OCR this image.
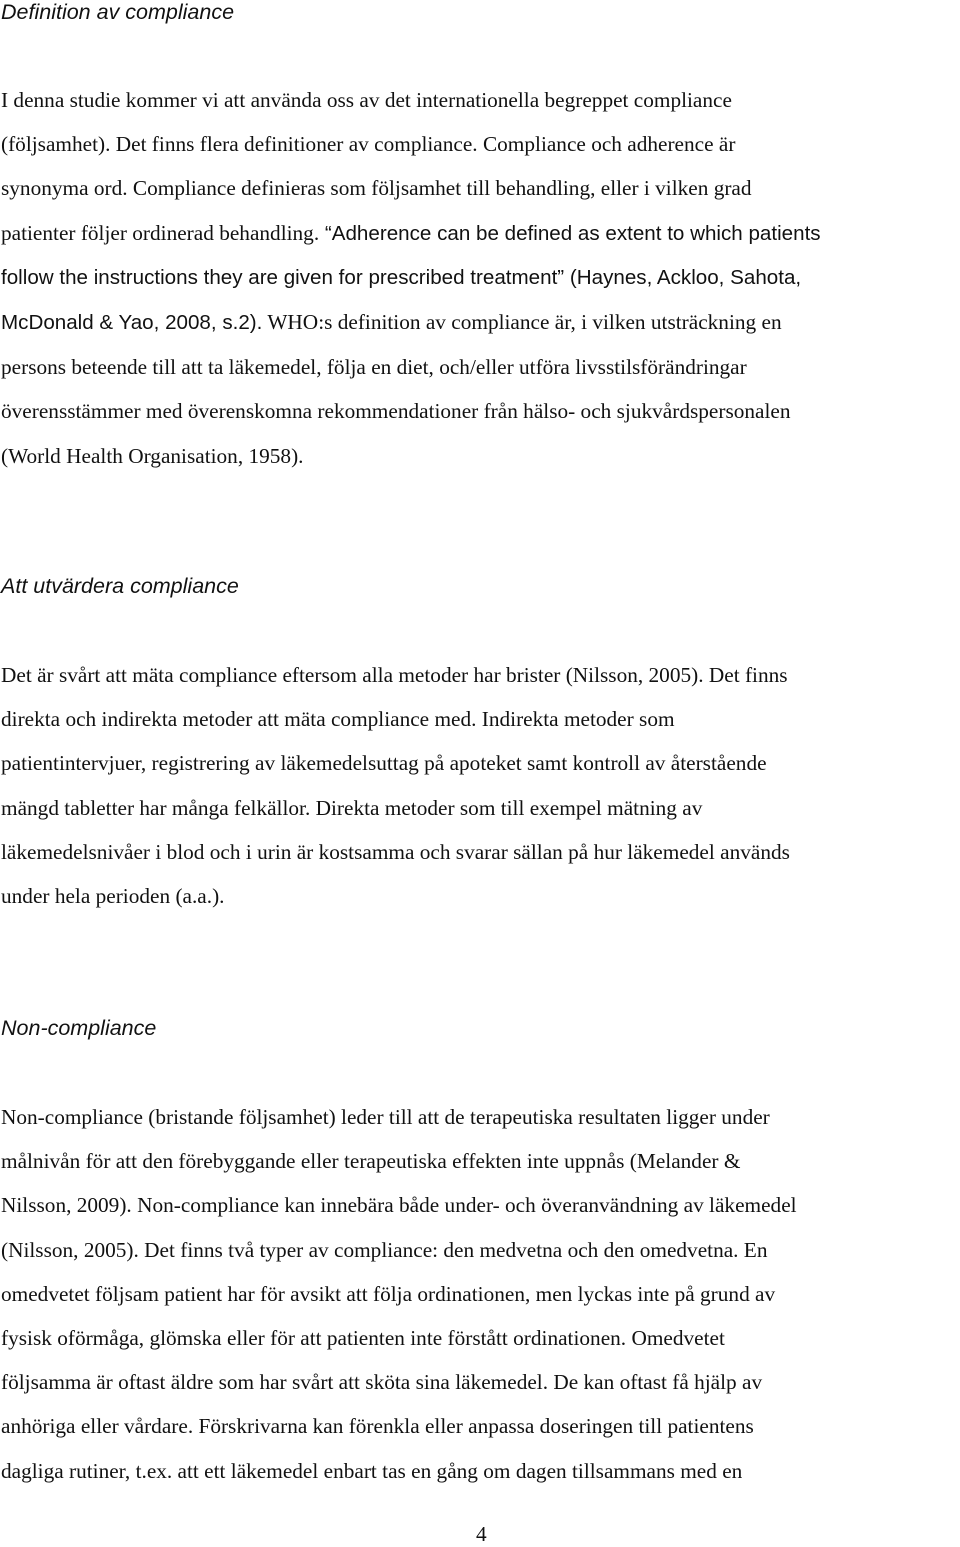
Definition av compliance
I denna studie kommer vi att använda oss av det internationella begreppet compliance
(följsamhet). Det finns flera definitioner av compliance. Compliance och adherence är
synonyma ord. Compliance definieras som följsamhet till behandling, eller i vilken grad
patienter följer ordinerad behandling. “Adherence can be defined as extent to which patients
follow the instructions they are given for prescribed treatment” (Haynes, Ackloo, Sahota,
McDonald & Yao, 2008, s.2). WHO:s definition av compliance är, i vilken utsträckning en
persons beteende till att ta läkemedel, följa en diet, och/eller utföra livsstilsförändringar
överensstämmer med överenskomna rekommendationer från hälso- och sjukvårdspersonalen
(World Health Organisation, 1958).
Att utvärdera compliance
Det är svårt att mäta compliance eftersom alla metoder har brister (Nilsson, 2005). Det finns
direkta och indirekta metoder att mäta compliance med. Indirekta metoder som
patientintervjuer, registrering av läkemedelsuttag på apoteket samt kontroll av återstående
mängd tabletter har många felkällor. Direkta metoder som till exempel mätning av
läkemedelsnivåer i blod och i urin är kostsamma och svarar sällan på hur läkemedel används
under hela perioden (a.a.).
Non-compliance
Non-compliance (bristande följsamhet) leder till att de terapeutiska resultaten ligger under
målnivån för att den förebyggande eller terapeutiska effekten inte uppnås (Melander &
Nilsson, 2009). Non-compliance kan innebära både under- och överanvändning av läkemedel
(Nilsson, 2005). Det finns två typer av compliance: den medvetna och den omedvetna. En
omedvetet följsam patient har för avsikt att följa ordinationen, men lyckas inte på grund av
fysisk oförmåga, glömska eller för att patienten inte förstått ordinationen. Omedvetet
följsamma är oftast äldre som har svårt att sköta sina läkemedel. De kan oftast få hjälp av
anhöriga eller vårdare. Förskrivarna kan förenkla eller anpassa doseringen till patientens
dagliga rutiner, t.ex. att ett läkemedel enbart tas en gång om dagen tillsammans med en
4
